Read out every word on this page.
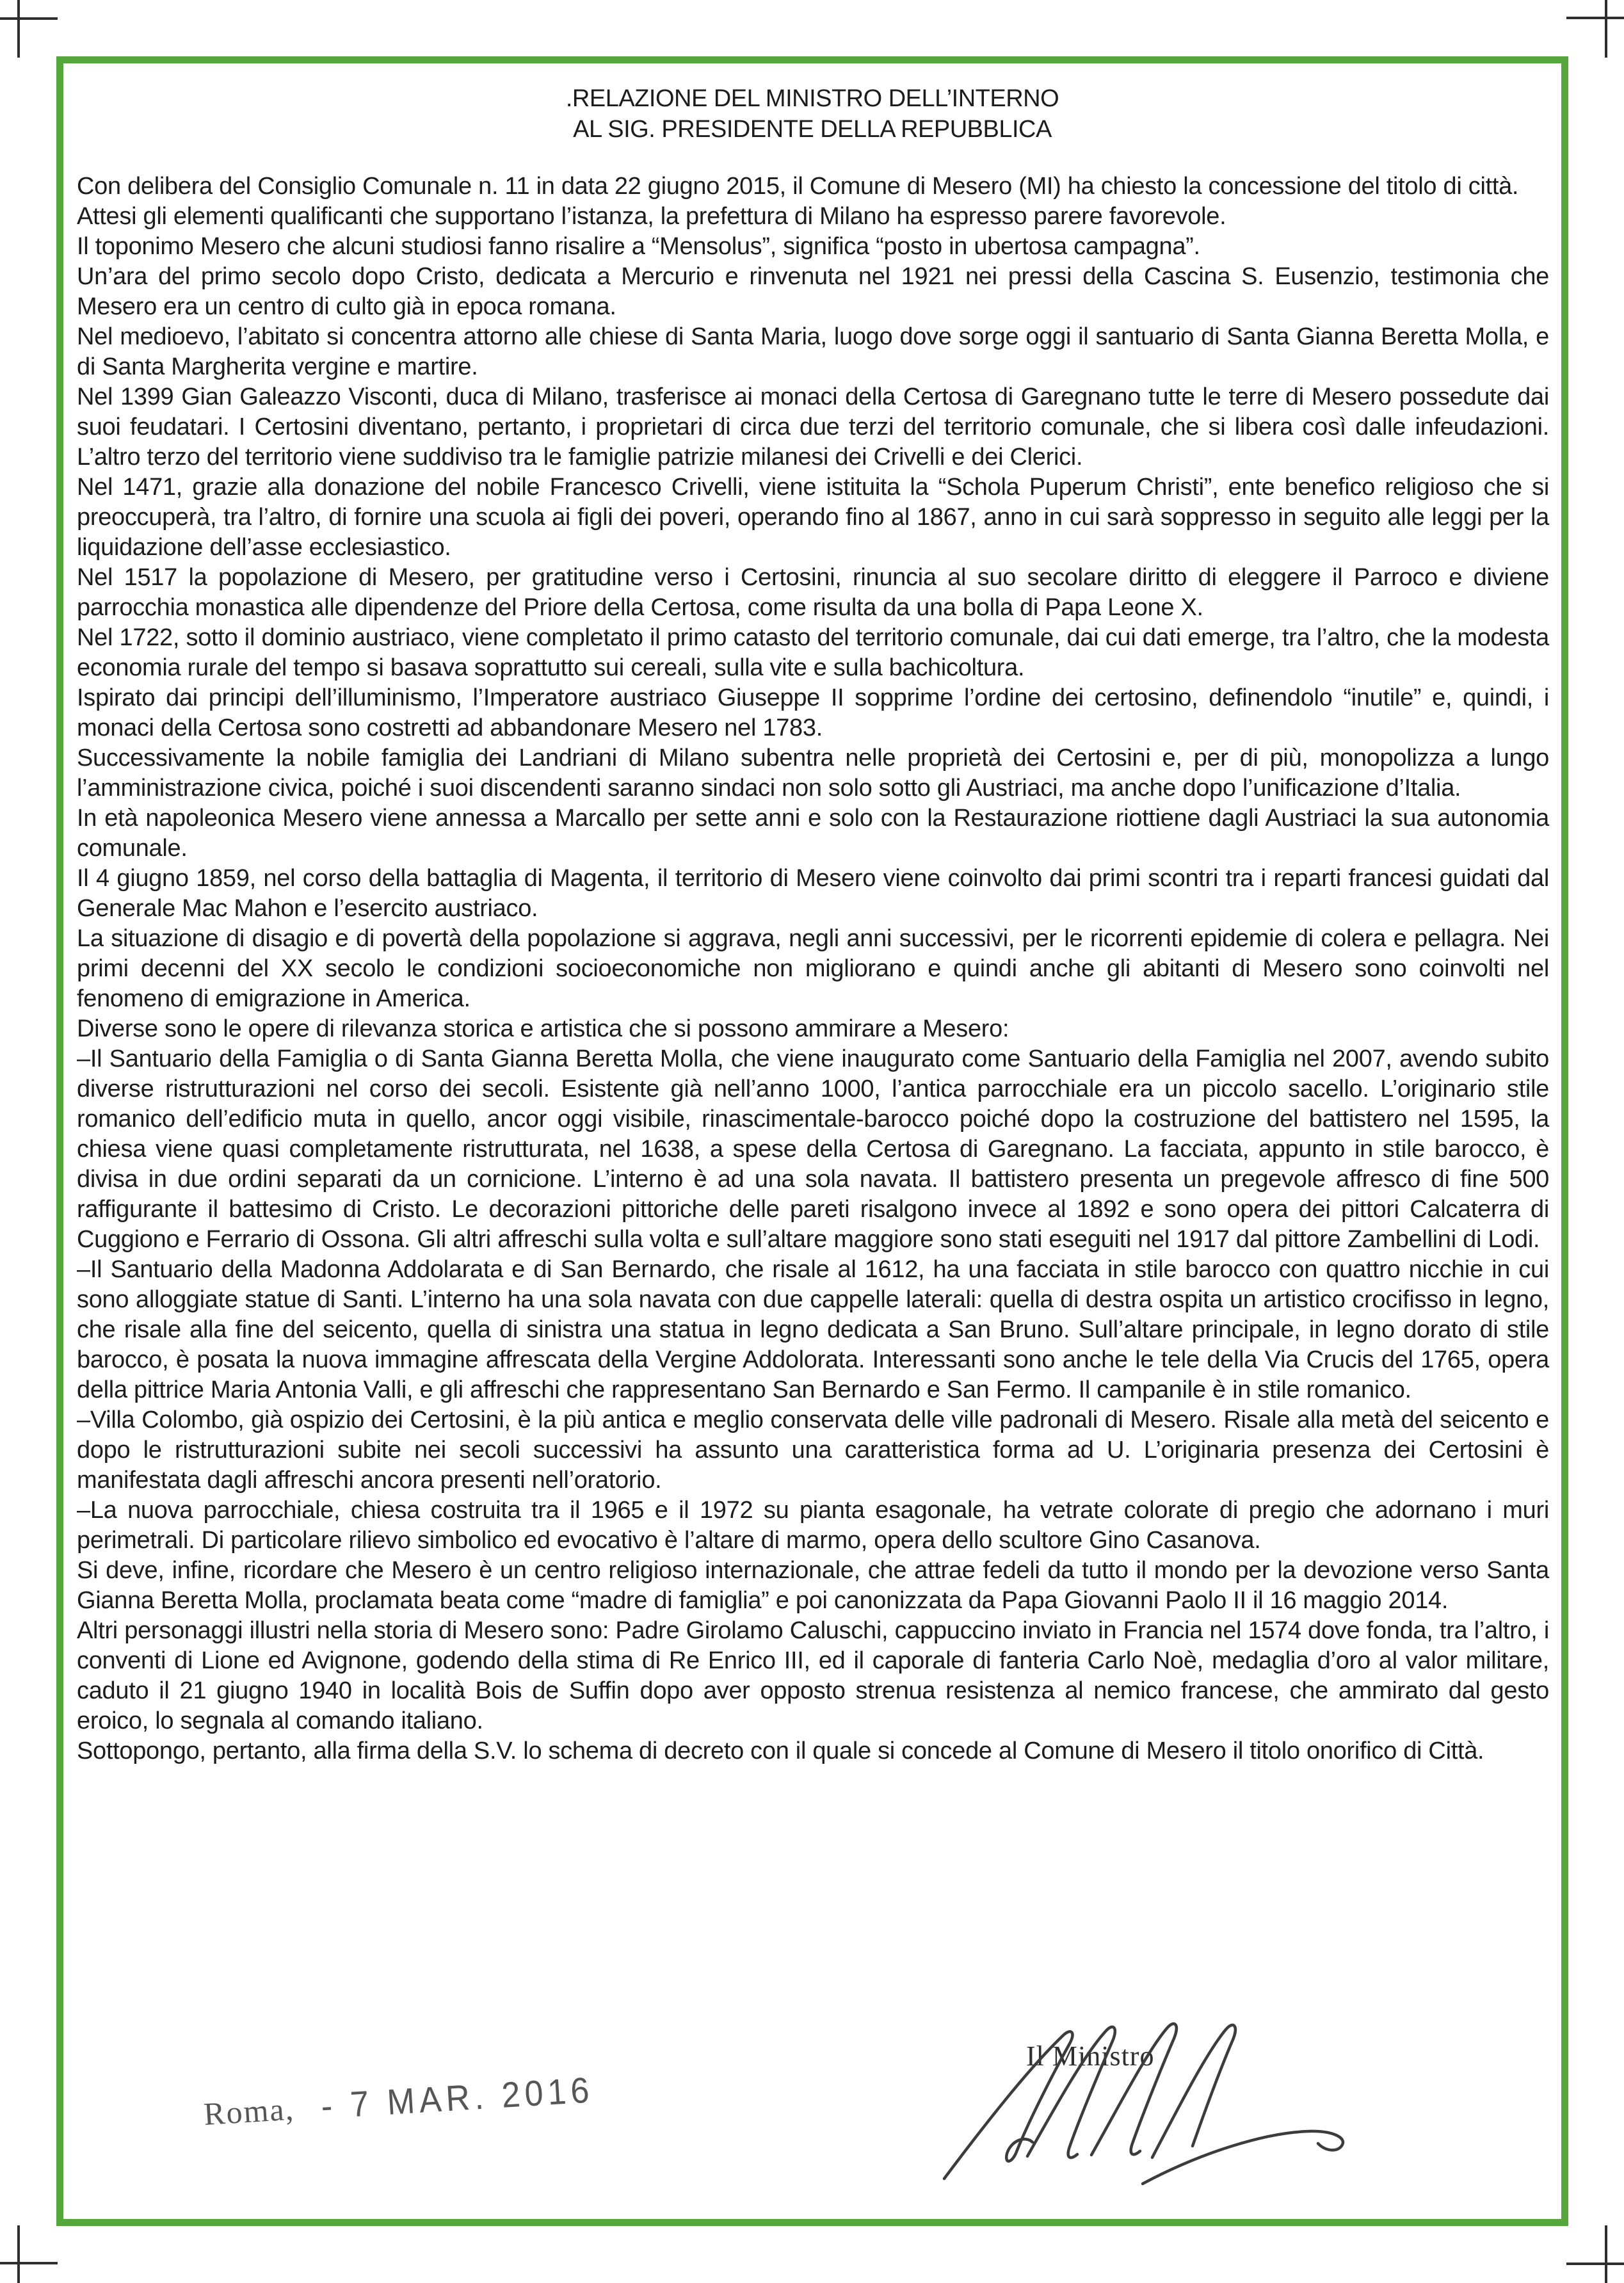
.RELAZIONE DEL MINISTRO DELL’INTERNO
AL SIG. PRESIDENTE DELLA REPUBBLICA

Con delibera del Consiglio Comunale n. 11 in data 22 giugno 2015, il Comune di Mesero (MI) ha chiesto la concessione del titolo di città.

Attesi gli elementi qualificanti che supportano l’istanza, la prefettura di Milano ha espresso parere favorevole.

Il toponimo Mesero che alcuni studiosi fanno risalire a “Mensolus”, significa “posto in ubertosa campagna”.

Un’ara del primo secolo dopo Cristo, dedicata a Mercurio e rinvenuta nel 1921 nei pressi della Cascina S. Eusenzio, testimonia che Mesero era un centro di culto già in epoca romana.

Nel medioevo, l’abitato si concentra attorno alle chiese di Santa Maria, luogo dove sorge oggi il santuario di Santa Gianna Beretta Molla, e di Santa Margherita vergine e martire.

Nel 1399 Gian Galeazzo Visconti, duca di Milano, trasferisce ai monaci della Certosa di Garegnano tutte le terre di Mesero possedute dai suoi feudatari. I Certosini diventano, pertanto, i proprietari di circa due terzi del territorio comunale, che si libera così dalle infeudazioni. L’altro terzo del territorio viene suddiviso tra le famiglie patrizie milanesi dei Crivelli e dei Clerici.

Nel 1471, grazie alla donazione del nobile Francesco Crivelli, viene istituita la “Schola Puperum Christi”, ente benefico religioso che si preoccuperà, tra l’altro, di fornire una scuola ai figli dei poveri, operando fino al 1867, anno in cui sarà soppresso in seguito alle leggi per la liquidazione dell’asse ecclesiastico.

Nel 1517 la popolazione di Mesero, per gratitudine verso i Certosini, rinuncia al suo secolare diritto di eleggere il Parroco e diviene parrocchia monastica alle dipendenze del Priore della Certosa, come risulta da una bolla di Papa Leone X.

Nel 1722, sotto il dominio austriaco, viene completato il primo catasto del territorio comunale, dai cui dati emerge, tra l’altro, che la modesta economia rurale del tempo si basava soprattutto sui cereali, sulla vite e sulla bachicoltura.

Ispirato dai principi dell’illuminismo, l’Imperatore austriaco Giuseppe II sopprime l’ordine dei certosino, definendolo “inutile” e, quindi, i monaci della Certosa sono costretti ad abbandonare Mesero nel 1783.

Successivamente la nobile famiglia dei Landriani di Milano subentra nelle proprietà dei Certosini e, per di più, monopolizza a lungo l’amministrazione civica, poiché i suoi discendenti saranno sindaci non solo sotto gli Austriaci, ma anche dopo l’unificazione d’Italia.

In età napoleonica Mesero viene annessa a Marcallo per sette anni e solo con la Restaurazione riottiene dagli Austriaci la sua autonomia comunale.

Il 4 giugno 1859, nel corso della battaglia di Magenta, il territorio di Mesero viene coinvolto dai primi scontri tra i reparti francesi guidati dal Generale Mac Mahon e l’esercito austriaco.

La situazione di disagio e di povertà della popolazione si aggrava, negli anni successivi, per le ricorrenti epidemie di colera e pellagra. Nei primi decenni del XX secolo le condizioni socioeconomiche non migliorano e quindi anche gli abitanti di Mesero sono coinvolti nel fenomeno di emigrazione in America.

Diverse sono le opere di rilevanza storica e artistica che si possono ammirare a Mesero:

–Il Santuario della Famiglia o di Santa Gianna Beretta Molla, che viene inaugurato come Santuario della Famiglia nel 2007, avendo subito diverse ristrutturazioni nel corso dei secoli. Esistente già nell’anno 1000, l’antica parrocchiale era un piccolo sacello. L’originario stile romanico dell’edificio muta in quello, ancor oggi visibile, rinascimentale-barocco poiché dopo la costruzione del battistero nel 1595, la chiesa viene quasi completamente ristrutturata, nel 1638, a spese della Certosa di Garegnano. La facciata, appunto in stile barocco, è divisa in due ordini separati da un cornicione. L’interno è ad una sola navata. Il battistero presenta un pregevole affresco di fine 500 raffigurante il battesimo di Cristo. Le decorazioni pittoriche delle pareti risalgono invece al 1892 e sono opera dei pittori Calcaterra di Cuggiono e Ferrario di Ossona. Gli altri affreschi sulla volta e sull’altare maggiore sono stati eseguiti nel 1917 dal pittore Zambellini di Lodi.

–Il Santuario della Madonna Addolarata e di San Bernardo, che risale al 1612, ha una facciata in stile barocco con quattro nicchie in cui sono alloggiate statue di Santi. L’interno ha una sola navata con due cappelle laterali: quella di destra ospita un artistico crocifisso in legno, che risale alla fine del seicento, quella di sinistra una statua in legno dedicata a San Bruno. Sull’altare principale, in legno dorato di stile barocco, è posata la nuova immagine affrescata della Vergine Addolorata. Interessanti sono anche le tele della Via Crucis del 1765, opera della pittrice Maria Antonia Valli, e gli affreschi che rappresentano San Bernardo e San Fermo. Il campanile è in stile romanico.

–Villa Colombo, già ospizio dei Certosini, è la più antica e meglio conservata delle ville padronali di Mesero. Risale alla metà del seicento e dopo le ristrutturazioni subite nei secoli successivi ha assunto una caratteristica forma ad U. L’originaria presenza dei Certosini è manifestata dagli affreschi ancora presenti nell’oratorio.

–La nuova parrocchiale, chiesa costruita tra il 1965 e il 1972 su pianta esagonale, ha vetrate colorate di pregio che adornano i muri perimetrali. Di particolare rilievo simbolico ed evocativo è l’altare di marmo, opera dello scultore Gino Casanova.

Si deve, infine, ricordare che Mesero è un centro religioso internazionale, che attrae fedeli da tutto il mondo per la devozione verso Santa Gianna Beretta Molla, proclamata beata come “madre di famiglia” e poi canonizzata da Papa Giovanni Paolo II il 16 maggio 2014.

Altri personaggi illustri nella storia di Mesero sono: Padre Girolamo Caluschi, cappuccino inviato in Francia nel 1574 dove fonda, tra l’altro, i conventi di Lione ed Avignone, godendo della stima di Re Enrico III, ed il caporale di fanteria Carlo Noè, medaglia d’oro al valor militare, caduto il 21 giugno 1940 in località Bois de Suffin dopo aver opposto strenua resistenza al nemico francese, che ammirato dal gesto eroico, lo segnala al comando italiano.

Sottopongo, pertanto, alla firma della S.V. lo schema di decreto con il quale si concede al Comune di Mesero il titolo onorifico di Città.

Roma, - 7 MAR. 2016
Il Ministro
